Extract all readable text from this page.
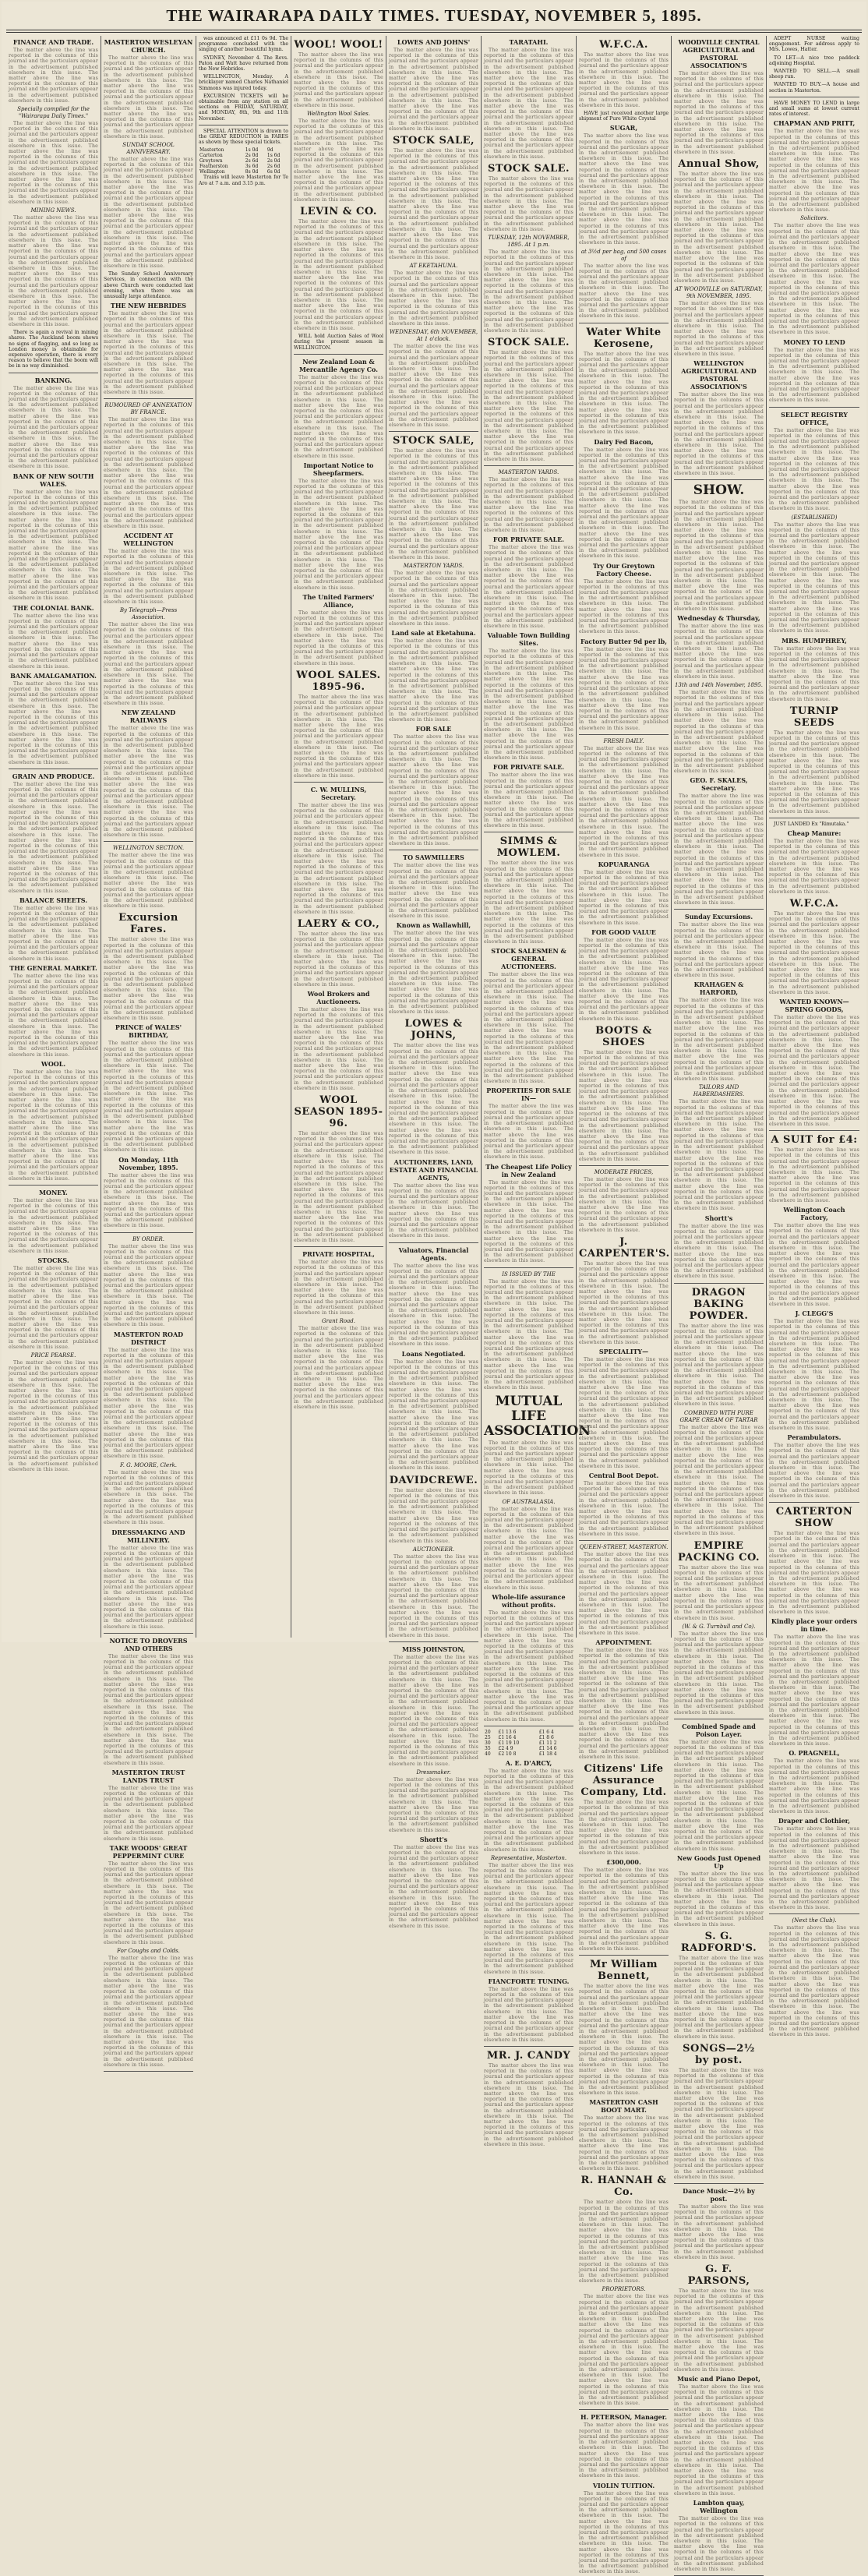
THE WAIRARAPA DAILY TIMES. TUESDAY, NOVEMBER 5, 1895.
FINANCE AND TRADE.
The matter above the line was reported in the columns of this journal and the particulars appear in the advertisement published elsewhere in this issue. The matter above the line was reported in the columns of this journal and the particulars appear in the advertisement published elsewhere in this issue.
Specially compiled for the "Wairarapa Daily Times."
The matter above the line was reported in the columns of this journal and the particulars appear in the advertisement published elsewhere in this issue. The matter above the line was reported in the columns of this journal and the particulars appear in the advertisement published elsewhere in this issue. The matter above the line was reported in the columns of this journal and the particulars appear in the advertisement published elsewhere in this issue.
MINING NEWS.
The matter above the line was reported in the columns of this journal and the particulars appear in the advertisement published elsewhere in this issue. The matter above the line was reported in the columns of this journal and the particulars appear in the advertisement published elsewhere in this issue. The matter above the line was reported in the columns of this journal and the particulars appear in the advertisement published elsewhere in this issue. The matter above the line was reported in the columns of this journal and the particulars appear in the advertisement published elsewhere in this issue.
There is again a revival in mining shares. The Auckland boom shows no signs of flagging, and so long as London money is obtainable for expensive operation, there is every reason to believe that the boom will be in no way diminished.
BANKING.
The matter above the line was reported in the columns of this journal and the particulars appear in the advertisement published elsewhere in this issue. The matter above the line was reported in the columns of this journal and the particulars appear in the advertisement published elsewhere in this issue. The matter above the line was reported in the columns of this journal and the particulars appear in the advertisement published elsewhere in this issue.
BANK OF NEW SOUTH WALES.
The matter above the line was reported in the columns of this journal and the particulars appear in the advertisement published elsewhere in this issue. The matter above the line was reported in the columns of this journal and the particulars appear in the advertisement published elsewhere in this issue. The matter above the line was reported in the columns of this journal and the particulars appear in the advertisement published elsewhere in this issue. The matter above the line was reported in the columns of this journal and the particulars appear in the advertisement published elsewhere in this issue.
THE COLONIAL BANK.
The matter above the line was reported in the columns of this journal and the particulars appear in the advertisement published elsewhere in this issue. The matter above the line was reported in the columns of this journal and the particulars appear in the advertisement published elsewhere in this issue.
BANK AMALGAMATION.
The matter above the line was reported in the columns of this journal and the particulars appear in the advertisement published elsewhere in this issue. The matter above the line was reported in the columns of this journal and the particulars appear in the advertisement published elsewhere in this issue. The matter above the line was reported in the columns of this journal and the particulars appear in the advertisement published elsewhere in this issue.
GRAIN AND PRODUCE.
The matter above the line was reported in the columns of this journal and the particulars appear in the advertisement published elsewhere in this issue. The matter above the line was reported in the columns of this journal and the particulars appear in the advertisement published elsewhere in this issue. The matter above the line was reported in the columns of this journal and the particulars appear in the advertisement published elsewhere in this issue. The matter above the line was reported in the columns of this journal and the particulars appear in the advertisement published elsewhere in this issue.
BALANCE SHEETS.
The matter above the line was reported in the columns of this journal and the particulars appear in the advertisement published elsewhere in this issue. The matter above the line was reported in the columns of this journal and the particulars appear in the advertisement published elsewhere in this issue.
THE GENERAL MARKET.
The matter above the line was reported in the columns of this journal and the particulars appear in the advertisement published elsewhere in this issue. The matter above the line was reported in the columns of this journal and the particulars appear in the advertisement published elsewhere in this issue. The matter above the line was reported in the columns of this journal and the particulars appear in the advertisement published elsewhere in this issue.
WOOL.
The matter above the line was reported in the columns of this journal and the particulars appear in the advertisement published elsewhere in this issue. The matter above the line was reported in the columns of this journal and the particulars appear in the advertisement published elsewhere in this issue. The matter above the line was reported in the columns of this journal and the particulars appear in the advertisement published elsewhere in this issue. The matter above the line was reported in the columns of this journal and the particulars appear in the advertisement published elsewhere in this issue.
MONEY.
The matter above the line was reported in the columns of this journal and the particulars appear in the advertisement published elsewhere in this issue. The matter above the line was reported in the columns of this journal and the particulars appear in the advertisement published elsewhere in this issue.
STOCKS.
The matter above the line was reported in the columns of this journal and the particulars appear in the advertisement published elsewhere in this issue. The matter above the line was reported in the columns of this journal and the particulars appear in the advertisement published elsewhere in this issue. The matter above the line was reported in the columns of this journal and the particulars appear in the advertisement published elsewhere in this issue.
PRICE PEARSE.
The matter above the line was reported in the columns of this journal and the particulars appear in the advertisement published elsewhere in this issue. The matter above the line was reported in the columns of this journal and the particulars appear in the advertisement published elsewhere in this issue. The matter above the line was reported in the columns of this journal and the particulars appear in the advertisement published elsewhere in this issue. The matter above the line was reported in the columns of this journal and the particulars appear in the advertisement published elsewhere in this issue.
MASTERTON WESLEYAN CHURCH.
The matter above the line was reported in the columns of this journal and the particulars appear in the advertisement published elsewhere in this issue. The matter above the line was reported in the columns of this journal and the particulars appear in the advertisement published elsewhere in this issue. The matter above the line was reported in the columns of this journal and the particulars appear in the advertisement published elsewhere in this issue.
SUNDAY SCHOOL ANNIVERSARY.
The matter above the line was reported in the columns of this journal and the particulars appear in the advertisement published elsewhere in this issue. The matter above the line was reported in the columns of this journal and the particulars appear in the advertisement published elsewhere in this issue. The matter above the line was reported in the columns of this journal and the particulars appear in the advertisement published elsewhere in this issue. The matter above the line was reported in the columns of this journal and the particulars appear in the advertisement published elsewhere in this issue.
The Sunday School Anniversary Services, in connection with the above Church were conducted last evening, when there was an unusually large attendance.
THE NEW HEBRIDES
The matter above the line was reported in the columns of this journal and the particulars appear in the advertisement published elsewhere in this issue. The matter above the line was reported in the columns of this journal and the particulars appear in the advertisement published elsewhere in this issue. The matter above the line was reported in the columns of this journal and the particulars appear in the advertisement published elsewhere in this issue.
RUMOURED OF ANNEXATION BY FRANCE.
The matter above the line was reported in the columns of this journal and the particulars appear in the advertisement published elsewhere in this issue. The matter above the line was reported in the columns of this journal and the particulars appear in the advertisement published elsewhere in this issue. The matter above the line was reported in the columns of this journal and the particulars appear in the advertisement published elsewhere in this issue. The matter above the line was reported in the columns of this journal and the particulars appear in the advertisement published elsewhere in this issue.
ACCIDENT AT WELLINGTON
The matter above the line was reported in the columns of this journal and the particulars appear in the advertisement published elsewhere in this issue. The matter above the line was reported in the columns of this journal and the particulars appear in the advertisement published elsewhere in this issue.
By Telegraph—Press Association.
The matter above the line was reported in the columns of this journal and the particulars appear in the advertisement published elsewhere in this issue. The matter above the line was reported in the columns of this journal and the particulars appear in the advertisement published elsewhere in this issue. The matter above the line was reported in the columns of this journal and the particulars appear in the advertisement published elsewhere in this issue.
NEW ZEALAND RAILWAYS
The matter above the line was reported in the columns of this journal and the particulars appear in the advertisement published elsewhere in this issue. The matter above the line was reported in the columns of this journal and the particulars appear in the advertisement published elsewhere in this issue. The matter above the line was reported in the columns of this journal and the particulars appear in the advertisement published elsewhere in this issue. The matter above the line was reported in the columns of this journal and the particulars appear in the advertisement published elsewhere in this issue.
WELLINGTON SECTION.
The matter above the line was reported in the columns of this journal and the particulars appear in the advertisement published elsewhere in this issue. The matter above the line was reported in the columns of this journal and the particulars appear in the advertisement published elsewhere in this issue.
Excursion Fares.
The matter above the line was reported in the columns of this journal and the particulars appear in the advertisement published elsewhere in this issue. The matter above the line was reported in the columns of this journal and the particulars appear in the advertisement published elsewhere in this issue. The matter above the line was reported in the columns of this journal and the particulars appear in the advertisement published elsewhere in this issue.
PRINCE of WALES' BIRTHDAY,
The matter above the line was reported in the columns of this journal and the particulars appear in the advertisement published elsewhere in this issue. The matter above the line was reported in the columns of this journal and the particulars appear in the advertisement published elsewhere in this issue. The matter above the line was reported in the columns of this journal and the particulars appear in the advertisement published elsewhere in this issue. The matter above the line was reported in the columns of this journal and the particulars appear in the advertisement published elsewhere in this issue.
On Monday, 11th November, 1895.
The matter above the line was reported in the columns of this journal and the particulars appear in the advertisement published elsewhere in this issue. The matter above the line was reported in the columns of this journal and the particulars appear in the advertisement published elsewhere in this issue.
BY ORDER.
The matter above the line was reported in the columns of this journal and the particulars appear in the advertisement published elsewhere in this issue. The matter above the line was reported in the columns of this journal and the particulars appear in the advertisement published elsewhere in this issue. The matter above the line was reported in the columns of this journal and the particulars appear in the advertisement published elsewhere in this issue.
MASTERTON ROAD DISTRICT
The matter above the line was reported in the columns of this journal and the particulars appear in the advertisement published elsewhere in this issue. The matter above the line was reported in the columns of this journal and the particulars appear in the advertisement published elsewhere in this issue. The matter above the line was reported in the columns of this journal and the particulars appear in the advertisement published elsewhere in this issue. The matter above the line was reported in the columns of this journal and the particulars appear in the advertisement published elsewhere in this issue.
F. G. MOORE, Clerk.
The matter above the line was reported in the columns of this journal and the particulars appear in the advertisement published elsewhere in this issue. The matter above the line was reported in the columns of this journal and the particulars appear in the advertisement published elsewhere in this issue.
DRESSMAKING AND MILLINERY.
The matter above the line was reported in the columns of this journal and the particulars appear in the advertisement published elsewhere in this issue. The matter above the line was reported in the columns of this journal and the particulars appear in the advertisement published elsewhere in this issue. The matter above the line was reported in the columns of this journal and the particulars appear in the advertisement published elsewhere in this issue.
NOTICE TO DROVERS AND OTHERS
The matter above the line was reported in the columns of this journal and the particulars appear in the advertisement published elsewhere in this issue. The matter above the line was reported in the columns of this journal and the particulars appear in the advertisement published elsewhere in this issue. The matter above the line was reported in the columns of this journal and the particulars appear in the advertisement published elsewhere in this issue. The matter above the line was reported in the columns of this journal and the particulars appear in the advertisement published elsewhere in this issue.
MASTERTON TRUST LANDS TRUST
The matter above the line was reported in the columns of this journal and the particulars appear in the advertisement published elsewhere in this issue. The matter above the line was reported in the columns of this journal and the particulars appear in the advertisement published elsewhere in this issue.
TAKE WOODS' GREAT PEPPERMINT CURE
The matter above the line was reported in the columns of this journal and the particulars appear in the advertisement published elsewhere in this issue. The matter above the line was reported in the columns of this journal and the particulars appear in the advertisement published elsewhere in this issue. The matter above the line was reported in the columns of this journal and the particulars appear in the advertisement published elsewhere in this issue.
For Coughs and Colds.
The matter above the line was reported in the columns of this journal and the particulars appear in the advertisement published elsewhere in this issue. The matter above the line was reported in the columns of this journal and the particulars appear in the advertisement published elsewhere in this issue. The matter above the line was reported in the columns of this journal and the particulars appear in the advertisement published elsewhere in this issue. The matter above the line was reported in the columns of this journal and the particulars appear in the advertisement published elsewhere in this issue.
was announced at £11 0s 9d. The programme concluded with the singing of another beautiful hymn.
SYDNEY, November 4. The Revs. Paton and Watt have returned from the New Hebrides.
WELLINGTON, Monday. A bricklayer named Charles Nathaniel Simmons was injured today.
EXCURSION TICKETS will be obtainable from any station on all sections on FRIDAY, SATURDAY, and MONDAY, 8th, 9th and 11th November.
SPECIAL ATTENTION is drawn to the GREAT REDUCTION in FARES as shown by these special tickets.
Masterton	1s 0d	9d
Carterton	2s 0d	1s 6d
Greytown	2s 6d	2s 0d
Featherston	3s 6d	2s 6d
Wellington	8s 0d	6s 0d
Trains will leave Masterton for Te Aro at 7 a.m. and 3.15 p.m.
WOOL! WOOL!
The matter above the line was reported in the columns of this journal and the particulars appear in the advertisement published elsewhere in this issue. The matter above the line was reported in the columns of this journal and the particulars appear in the advertisement published elsewhere in this issue.
Wellington Wool Sales.
The matter above the line was reported in the columns of this journal and the particulars appear in the advertisement published elsewhere in this issue. The matter above the line was reported in the columns of this journal and the particulars appear in the advertisement published elsewhere in this issue. The matter above the line was reported in the columns of this journal and the particulars appear in the advertisement published elsewhere in this issue.
LEVIN & CO.
The matter above the line was reported in the columns of this journal and the particulars appear in the advertisement published elsewhere in this issue. The matter above the line was reported in the columns of this journal and the particulars appear in the advertisement published elsewhere in this issue. The matter above the line was reported in the columns of this journal and the particulars appear in the advertisement published elsewhere in this issue. The matter above the line was reported in the columns of this journal and the particulars appear in the advertisement published elsewhere in this issue.
WILL hold Auction Sales of Wool during the present season in WELLINGTON.
New Zealand Loan & Mercantile Agency Co.
The matter above the line was reported in the columns of this journal and the particulars appear in the advertisement published elsewhere in this issue. The matter above the line was reported in the columns of this journal and the particulars appear in the advertisement published elsewhere in this issue. The matter above the line was reported in the columns of this journal and the particulars appear in the advertisement published elsewhere in this issue.
Important Notice to Sheepfarmers.
The matter above the line was reported in the columns of this journal and the particulars appear in the advertisement published elsewhere in this issue. The matter above the line was reported in the columns of this journal and the particulars appear in the advertisement published elsewhere in this issue. The matter above the line was reported in the columns of this journal and the particulars appear in the advertisement published elsewhere in this issue. The matter above the line was reported in the columns of this journal and the particulars appear in the advertisement published elsewhere in this issue.
The United Farmers' Alliance,
The matter above the line was reported in the columns of this journal and the particulars appear in the advertisement published elsewhere in this issue. The matter above the line was reported in the columns of this journal and the particulars appear in the advertisement published elsewhere in this issue.
WOOL SALES. 1895-96.
The matter above the line was reported in the columns of this journal and the particulars appear in the advertisement published elsewhere in this issue. The matter above the line was reported in the columns of this journal and the particulars appear in the advertisement published elsewhere in this issue. The matter above the line was reported in the columns of this journal and the particulars appear in the advertisement published elsewhere in this issue.
C. W. MULLINS, Secretary.
The matter above the line was reported in the columns of this journal and the particulars appear in the advertisement published elsewhere in this issue. The matter above the line was reported in the columns of this journal and the particulars appear in the advertisement published elsewhere in this issue. The matter above the line was reported in the columns of this journal and the particulars appear in the advertisement published elsewhere in this issue. The matter above the line was reported in the columns of this journal and the particulars appear in the advertisement published elsewhere in this issue.
LAERY & CO.,
The matter above the line was reported in the columns of this journal and the particulars appear in the advertisement published elsewhere in this issue. The matter above the line was reported in the columns of this journal and the particulars appear in the advertisement published elsewhere in this issue.
Wool Brokers and Auctioneers.
The matter above the line was reported in the columns of this journal and the particulars appear in the advertisement published elsewhere in this issue. The matter above the line was reported in the columns of this journal and the particulars appear in the advertisement published elsewhere in this issue. The matter above the line was reported in the columns of this journal and the particulars appear in the advertisement published elsewhere in this issue.
WOOL SEASON 1895-96.
The matter above the line was reported in the columns of this journal and the particulars appear in the advertisement published elsewhere in this issue. The matter above the line was reported in the columns of this journal and the particulars appear in the advertisement published elsewhere in this issue. The matter above the line was reported in the columns of this journal and the particulars appear in the advertisement published elsewhere in this issue. The matter above the line was reported in the columns of this journal and the particulars appear in the advertisement published elsewhere in this issue.
PRIVATE HOSPITAL,
The matter above the line was reported in the columns of this journal and the particulars appear in the advertisement published elsewhere in this issue. The matter above the line was reported in the columns of this journal and the particulars appear in the advertisement published elsewhere in this issue.
Grant Road.
The matter above the line was reported in the columns of this journal and the particulars appear in the advertisement published elsewhere in this issue. The matter above the line was reported in the columns of this journal and the particulars appear in the advertisement published elsewhere in this issue. The matter above the line was reported in the columns of this journal and the particulars appear in the advertisement published elsewhere in this issue.
LOWES AND JOHNS'
The matter above the line was reported in the columns of this journal and the particulars appear in the advertisement published elsewhere in this issue. The matter above the line was reported in the columns of this journal and the particulars appear in the advertisement published elsewhere in this issue. The matter above the line was reported in the columns of this journal and the particulars appear in the advertisement published elsewhere in this issue.
STOCK SALE,
The matter above the line was reported in the columns of this journal and the particulars appear in the advertisement published elsewhere in this issue. The matter above the line was reported in the columns of this journal and the particulars appear in the advertisement published elsewhere in this issue. The matter above the line was reported in the columns of this journal and the particulars appear in the advertisement published elsewhere in this issue. The matter above the line was reported in the columns of this journal and the particulars appear in the advertisement published elsewhere in this issue.
AT EKETAHUNA.
The matter above the line was reported in the columns of this journal and the particulars appear in the advertisement published elsewhere in this issue. The matter above the line was reported in the columns of this journal and the particulars appear in the advertisement published elsewhere in this issue.
WEDNESDAY, 6th NOVEMBER, At 1 o'clock.
The matter above the line was reported in the columns of this journal and the particulars appear in the advertisement published elsewhere in this issue. The matter above the line was reported in the columns of this journal and the particulars appear in the advertisement published elsewhere in this issue. The matter above the line was reported in the columns of this journal and the particulars appear in the advertisement published elsewhere in this issue.
STOCK SALE,
The matter above the line was reported in the columns of this journal and the particulars appear in the advertisement published elsewhere in this issue. The matter above the line was reported in the columns of this journal and the particulars appear in the advertisement published elsewhere in this issue. The matter above the line was reported in the columns of this journal and the particulars appear in the advertisement published elsewhere in this issue. The matter above the line was reported in the columns of this journal and the particulars appear in the advertisement published elsewhere in this issue.
MASTERTON YARDS.
The matter above the line was reported in the columns of this journal and the particulars appear in the advertisement published elsewhere in this issue. The matter above the line was reported in the columns of this journal and the particulars appear in the advertisement published elsewhere in this issue.
Land sale at Eketahuna.
The matter above the line was reported in the columns of this journal and the particulars appear in the advertisement published elsewhere in this issue. The matter above the line was reported in the columns of this journal and the particulars appear in the advertisement published elsewhere in this issue. The matter above the line was reported in the columns of this journal and the particulars appear in the advertisement published elsewhere in this issue.
FOR SALE
The matter above the line was reported in the columns of this journal and the particulars appear in the advertisement published elsewhere in this issue. The matter above the line was reported in the columns of this journal and the particulars appear in the advertisement published elsewhere in this issue. The matter above the line was reported in the columns of this journal and the particulars appear in the advertisement published elsewhere in this issue. The matter above the line was reported in the columns of this journal and the particulars appear in the advertisement published elsewhere in this issue.
TO SAWMILLERS
The matter above the line was reported in the columns of this journal and the particulars appear in the advertisement published elsewhere in this issue. The matter above the line was reported in the columns of this journal and the particulars appear in the advertisement published elsewhere in this issue.
Known as Wallawhill,
The matter above the line was reported in the columns of this journal and the particulars appear in the advertisement published elsewhere in this issue. The matter above the line was reported in the columns of this journal and the particulars appear in the advertisement published elsewhere in this issue. The matter above the line was reported in the columns of this journal and the particulars appear in the advertisement published elsewhere in this issue.
LOWES & JOHNS,
The matter above the line was reported in the columns of this journal and the particulars appear in the advertisement published elsewhere in this issue. The matter above the line was reported in the columns of this journal and the particulars appear in the advertisement published elsewhere in this issue. The matter above the line was reported in the columns of this journal and the particulars appear in the advertisement published elsewhere in this issue. The matter above the line was reported in the columns of this journal and the particulars appear in the advertisement published elsewhere in this issue.
AUCTIONEERS, LAND, ESTATE AND FINANCIAL AGENTS,
The matter above the line was reported in the columns of this journal and the particulars appear in the advertisement published elsewhere in this issue. The matter above the line was reported in the columns of this journal and the particulars appear in the advertisement published elsewhere in this issue.
Valuators, Financial Agents.
The matter above the line was reported in the columns of this journal and the particulars appear in the advertisement published elsewhere in this issue. The matter above the line was reported in the columns of this journal and the particulars appear in the advertisement published elsewhere in this issue. The matter above the line was reported in the columns of this journal and the particulars appear in the advertisement published elsewhere in this issue.
Loans Negotiated.
The matter above the line was reported in the columns of this journal and the particulars appear in the advertisement published elsewhere in this issue. The matter above the line was reported in the columns of this journal and the particulars appear in the advertisement published elsewhere in this issue. The matter above the line was reported in the columns of this journal and the particulars appear in the advertisement published elsewhere in this issue. The matter above the line was reported in the columns of this journal and the particulars appear in the advertisement published elsewhere in this issue.
DAVIDCREWE.
The matter above the line was reported in the columns of this journal and the particulars appear in the advertisement published elsewhere in this issue. The matter above the line was reported in the columns of this journal and the particulars appear in the advertisement published elsewhere in this issue.
AUCTIONEER.
The matter above the line was reported in the columns of this journal and the particulars appear in the advertisement published elsewhere in this issue. The matter above the line was reported in the columns of this journal and the particulars appear in the advertisement published elsewhere in this issue. The matter above the line was reported in the columns of this journal and the particulars appear in the advertisement published elsewhere in this issue.
MISS JOHNSTON,
The matter above the line was reported in the columns of this journal and the particulars appear in the advertisement published elsewhere in this issue. The matter above the line was reported in the columns of this journal and the particulars appear in the advertisement published elsewhere in this issue. The matter above the line was reported in the columns of this journal and the particulars appear in the advertisement published elsewhere in this issue. The matter above the line was reported in the columns of this journal and the particulars appear in the advertisement published elsewhere in this issue.
Dressmaker.
The matter above the line was reported in the columns of this journal and the particulars appear in the advertisement published elsewhere in this issue. The matter above the line was reported in the columns of this journal and the particulars appear in the advertisement published elsewhere in this issue.
Shortt's
The matter above the line was reported in the columns of this journal and the particulars appear in the advertisement published elsewhere in this issue. The matter above the line was reported in the columns of this journal and the particulars appear in the advertisement published elsewhere in this issue. The matter above the line was reported in the columns of this journal and the particulars appear in the advertisement published elsewhere in this issue.
TARATAHI.
The matter above the line was reported in the columns of this journal and the particulars appear in the advertisement published elsewhere in this issue. The matter above the line was reported in the columns of this journal and the particulars appear in the advertisement published elsewhere in this issue. The matter above the line was reported in the columns of this journal and the particulars appear in the advertisement published elsewhere in this issue. The matter above the line was reported in the columns of this journal and the particulars appear in the advertisement published elsewhere in this issue.
STOCK SALE.
The matter above the line was reported in the columns of this journal and the particulars appear in the advertisement published elsewhere in this issue. The matter above the line was reported in the columns of this journal and the particulars appear in the advertisement published elsewhere in this issue.
TUESDAY, 12th NOVEMBER, 1895. At 1 p.m.
The matter above the line was reported in the columns of this journal and the particulars appear in the advertisement published elsewhere in this issue. The matter above the line was reported in the columns of this journal and the particulars appear in the advertisement published elsewhere in this issue. The matter above the line was reported in the columns of this journal and the particulars appear in the advertisement published elsewhere in this issue.
STOCK SALE.
The matter above the line was reported in the columns of this journal and the particulars appear in the advertisement published elsewhere in this issue. The matter above the line was reported in the columns of this journal and the particulars appear in the advertisement published elsewhere in this issue. The matter above the line was reported in the columns of this journal and the particulars appear in the advertisement published elsewhere in this issue. The matter above the line was reported in the columns of this journal and the particulars appear in the advertisement published elsewhere in this issue.
MASTERTON YARDS.
The matter above the line was reported in the columns of this journal and the particulars appear in the advertisement published elsewhere in this issue. The matter above the line was reported in the columns of this journal and the particulars appear in the advertisement published elsewhere in this issue.
FOR PRIVATE SALE.
The matter above the line was reported in the columns of this journal and the particulars appear in the advertisement published elsewhere in this issue. The matter above the line was reported in the columns of this journal and the particulars appear in the advertisement published elsewhere in this issue. The matter above the line was reported in the columns of this journal and the particulars appear in the advertisement published elsewhere in this issue.
Valuable Town Building Sites.
The matter above the line was reported in the columns of this journal and the particulars appear in the advertisement published elsewhere in this issue. The matter above the line was reported in the columns of this journal and the particulars appear in the advertisement published elsewhere in this issue. The matter above the line was reported in the columns of this journal and the particulars appear in the advertisement published elsewhere in this issue. The matter above the line was reported in the columns of this journal and the particulars appear in the advertisement published elsewhere in this issue.
FOR PRIVATE SALE.
The matter above the line was reported in the columns of this journal and the particulars appear in the advertisement published elsewhere in this issue. The matter above the line was reported in the columns of this journal and the particulars appear in the advertisement published elsewhere in this issue.
SIMMS & MOWLEM.
The matter above the line was reported in the columns of this journal and the particulars appear in the advertisement published elsewhere in this issue. The matter above the line was reported in the columns of this journal and the particulars appear in the advertisement published elsewhere in this issue. The matter above the line was reported in the columns of this journal and the particulars appear in the advertisement published elsewhere in this issue.
STOCK SALESMEN & GENERAL AUCTIONEERS.
The matter above the line was reported in the columns of this journal and the particulars appear in the advertisement published elsewhere in this issue. The matter above the line was reported in the columns of this journal and the particulars appear in the advertisement published elsewhere in this issue. The matter above the line was reported in the columns of this journal and the particulars appear in the advertisement published elsewhere in this issue. The matter above the line was reported in the columns of this journal and the particulars appear in the advertisement published elsewhere in this issue.
PROPERTIES FOR SALE IN—
The matter above the line was reported in the columns of this journal and the particulars appear in the advertisement published elsewhere in this issue. The matter above the line was reported in the columns of this journal and the particulars appear in the advertisement published elsewhere in this issue.
The Cheapest Life Policy in New Zealand
The matter above the line was reported in the columns of this journal and the particulars appear in the advertisement published elsewhere in this issue. The matter above the line was reported in the columns of this journal and the particulars appear in the advertisement published elsewhere in this issue. The matter above the line was reported in the columns of this journal and the particulars appear in the advertisement published elsewhere in this issue.
IS ISSUED BY THE
The matter above the line was reported in the columns of this journal and the particulars appear in the advertisement published elsewhere in this issue. The matter above the line was reported in the columns of this journal and the particulars appear in the advertisement published elsewhere in this issue. The matter above the line was reported in the columns of this journal and the particulars appear in the advertisement published elsewhere in this issue. The matter above the line was reported in the columns of this journal and the particulars appear in the advertisement published elsewhere in this issue.
MUTUAL LIFE ASSOCIATION
The matter above the line was reported in the columns of this journal and the particulars appear in the advertisement published elsewhere in this issue. The matter above the line was reported in the columns of this journal and the particulars appear in the advertisement published elsewhere in this issue.
OF AUSTRALASIA.
The matter above the line was reported in the columns of this journal and the particulars appear in the advertisement published elsewhere in this issue. The matter above the line was reported in the columns of this journal and the particulars appear in the advertisement published elsewhere in this issue. The matter above the line was reported in the columns of this journal and the particulars appear in the advertisement published elsewhere in this issue.
Whole-life assurance without profits.
The matter above the line was reported in the columns of this journal and the particulars appear in the advertisement published elsewhere in this issue. The matter above the line was reported in the columns of this journal and the particulars appear in the advertisement published elsewhere in this issue. The matter above the line was reported in the columns of this journal and the particulars appear in the advertisement published elsewhere in this issue. The matter above the line was reported in the columns of this journal and the particulars appear in the advertisement published elsewhere in this issue.
20	£1 13 6	£1 6 4
25	£1 16 4	£1 8 6
30	£1 19 10	£1 11 2
35	£2 4 9	£1 14 6
40	£2 10 8	£1 18 4
A. E. D'ARCY,
The matter above the line was reported in the columns of this journal and the particulars appear in the advertisement published elsewhere in this issue. The matter above the line was reported in the columns of this journal and the particulars appear in the advertisement published elsewhere in this issue. The matter above the line was reported in the columns of this journal and the particulars appear in the advertisement published elsewhere in this issue.
Representative, Masterton.
The matter above the line was reported in the columns of this journal and the particulars appear in the advertisement published elsewhere in this issue. The matter above the line was reported in the columns of this journal and the particulars appear in the advertisement published elsewhere in this issue. The matter above the line was reported in the columns of this journal and the particulars appear in the advertisement published elsewhere in this issue. The matter above the line was reported in the columns of this journal and the particulars appear in the advertisement published elsewhere in this issue.
FIANCFORTE TUNING.
The matter above the line was reported in the columns of this journal and the particulars appear in the advertisement published elsewhere in this issue. The matter above the line was reported in the columns of this journal and the particulars appear in the advertisement published elsewhere in this issue.
MR. J. CANDY
The matter above the line was reported in the columns of this journal and the particulars appear in the advertisement published elsewhere in this issue. The matter above the line was reported in the columns of this journal and the particulars appear in the advertisement published elsewhere in this issue. The matter above the line was reported in the columns of this journal and the particulars appear in the advertisement published elsewhere in this issue.
W.F.C.A.
The matter above the line was reported in the columns of this journal and the particulars appear in the advertisement published elsewhere in this issue. The matter above the line was reported in the columns of this journal and the particulars appear in the advertisement published elsewhere in this issue.
HAVE just received another large shipment of Pure White Crystal
SUGAR,
The matter above the line was reported in the columns of this journal and the particulars appear in the advertisement published elsewhere in this issue. The matter above the line was reported in the columns of this journal and the particulars appear in the advertisement published elsewhere in this issue. The matter above the line was reported in the columns of this journal and the particulars appear in the advertisement published elsewhere in this issue. The matter above the line was reported in the columns of this journal and the particulars appear in the advertisement published elsewhere in this issue.
at 3½d per bag, and 500 cases of
The matter above the line was reported in the columns of this journal and the particulars appear in the advertisement published elsewhere in this issue. The matter above the line was reported in the columns of this journal and the particulars appear in the advertisement published elsewhere in this issue.
Water White Kerosene,
The matter above the line was reported in the columns of this journal and the particulars appear in the advertisement published elsewhere in this issue. The matter above the line was reported in the columns of this journal and the particulars appear in the advertisement published elsewhere in this issue. The matter above the line was reported in the columns of this journal and the particulars appear in the advertisement published elsewhere in this issue.
Dairy Fed Bacon,
The matter above the line was reported in the columns of this journal and the particulars appear in the advertisement published elsewhere in this issue. The matter above the line was reported in the columns of this journal and the particulars appear in the advertisement published elsewhere in this issue. The matter above the line was reported in the columns of this journal and the particulars appear in the advertisement published elsewhere in this issue. The matter above the line was reported in the columns of this journal and the particulars appear in the advertisement published elsewhere in this issue.
Try Our Greytown Factory Cheese.
The matter above the line was reported in the columns of this journal and the particulars appear in the advertisement published elsewhere in this issue. The matter above the line was reported in the columns of this journal and the particulars appear in the advertisement published elsewhere in this issue.
Factory Butter 9d per lb,
The matter above the line was reported in the columns of this journal and the particulars appear in the advertisement published elsewhere in this issue. The matter above the line was reported in the columns of this journal and the particulars appear in the advertisement published elsewhere in this issue. The matter above the line was reported in the columns of this journal and the particulars appear in the advertisement published elsewhere in this issue.
FRESH DAILY.
The matter above the line was reported in the columns of this journal and the particulars appear in the advertisement published elsewhere in this issue. The matter above the line was reported in the columns of this journal and the particulars appear in the advertisement published elsewhere in this issue. The matter above the line was reported in the columns of this journal and the particulars appear in the advertisement published elsewhere in this issue. The matter above the line was reported in the columns of this journal and the particulars appear in the advertisement published elsewhere in this issue.
KOPUARANGA
The matter above the line was reported in the columns of this journal and the particulars appear in the advertisement published elsewhere in this issue. The matter above the line was reported in the columns of this journal and the particulars appear in the advertisement published elsewhere in this issue.
FOR GOOD VALUE
The matter above the line was reported in the columns of this journal and the particulars appear in the advertisement published elsewhere in this issue. The matter above the line was reported in the columns of this journal and the particulars appear in the advertisement published elsewhere in this issue. The matter above the line was reported in the columns of this journal and the particulars appear in the advertisement published elsewhere in this issue.
BOOTS & SHOES
The matter above the line was reported in the columns of this journal and the particulars appear in the advertisement published elsewhere in this issue. The matter above the line was reported in the columns of this journal and the particulars appear in the advertisement published elsewhere in this issue. The matter above the line was reported in the columns of this journal and the particulars appear in the advertisement published elsewhere in this issue. The matter above the line was reported in the columns of this journal and the particulars appear in the advertisement published elsewhere in this issue.
MODERATE PRICES,
The matter above the line was reported in the columns of this journal and the particulars appear in the advertisement published elsewhere in this issue. The matter above the line was reported in the columns of this journal and the particulars appear in the advertisement published elsewhere in this issue.
J. CARPENTER'S.
The matter above the line was reported in the columns of this journal and the particulars appear in the advertisement published elsewhere in this issue. The matter above the line was reported in the columns of this journal and the particulars appear in the advertisement published elsewhere in this issue. The matter above the line was reported in the columns of this journal and the particulars appear in the advertisement published elsewhere in this issue.
SPECIALITY—
The matter above the line was reported in the columns of this journal and the particulars appear in the advertisement published elsewhere in this issue. The matter above the line was reported in the columns of this journal and the particulars appear in the advertisement published elsewhere in this issue. The matter above the line was reported in the columns of this journal and the particulars appear in the advertisement published elsewhere in this issue. The matter above the line was reported in the columns of this journal and the particulars appear in the advertisement published elsewhere in this issue.
Central Boot Depot.
The matter above the line was reported in the columns of this journal and the particulars appear in the advertisement published elsewhere in this issue. The matter above the line was reported in the columns of this journal and the particulars appear in the advertisement published elsewhere in this issue.
QUEEN-STREET, MASTERTON.
The matter above the line was reported in the columns of this journal and the particulars appear in the advertisement published elsewhere in this issue. The matter above the line was reported in the columns of this journal and the particulars appear in the advertisement published elsewhere in this issue. The matter above the line was reported in the columns of this journal and the particulars appear in the advertisement published elsewhere in this issue.
APPOINTMENT.
The matter above the line was reported in the columns of this journal and the particulars appear in the advertisement published elsewhere in this issue. The matter above the line was reported in the columns of this journal and the particulars appear in the advertisement published elsewhere in this issue. The matter above the line was reported in the columns of this journal and the particulars appear in the advertisement published elsewhere in this issue. The matter above the line was reported in the columns of this journal and the particulars appear in the advertisement published elsewhere in this issue.
Citizens' Life Assurance Company, Ltd.
The matter above the line was reported in the columns of this journal and the particulars appear in the advertisement published elsewhere in this issue. The matter above the line was reported in the columns of this journal and the particulars appear in the advertisement published elsewhere in this issue.
£300,000.
The matter above the line was reported in the columns of this journal and the particulars appear in the advertisement published elsewhere in this issue. The matter above the line was reported in the columns of this journal and the particulars appear in the advertisement published elsewhere in this issue. The matter above the line was reported in the columns of this journal and the particulars appear in the advertisement published elsewhere in this issue.
Mr William Bennett,
The matter above the line was reported in the columns of this journal and the particulars appear in the advertisement published elsewhere in this issue. The matter above the line was reported in the columns of this journal and the particulars appear in the advertisement published elsewhere in this issue. The matter above the line was reported in the columns of this journal and the particulars appear in the advertisement published elsewhere in this issue. The matter above the line was reported in the columns of this journal and the particulars appear in the advertisement published elsewhere in this issue.
MASTERTON CASH BOOT MART.
The matter above the line was reported in the columns of this journal and the particulars appear in the advertisement published elsewhere in this issue. The matter above the line was reported in the columns of this journal and the particulars appear in the advertisement published elsewhere in this issue.
R. HANNAH & Co.
The matter above the line was reported in the columns of this journal and the particulars appear in the advertisement published elsewhere in this issue. The matter above the line was reported in the columns of this journal and the particulars appear in the advertisement published elsewhere in this issue. The matter above the line was reported in the columns of this journal and the particulars appear in the advertisement published elsewhere in this issue.
PROPRIETORS.
The matter above the line was reported in the columns of this journal and the particulars appear in the advertisement published elsewhere in this issue. The matter above the line was reported in the columns of this journal and the particulars appear in the advertisement published elsewhere in this issue. The matter above the line was reported in the columns of this journal and the particulars appear in the advertisement published elsewhere in this issue. The matter above the line was reported in the columns of this journal and the particulars appear in the advertisement published elsewhere in this issue.
H. PETERSON, Manager.
The matter above the line was reported in the columns of this journal and the particulars appear in the advertisement published elsewhere in this issue. The matter above the line was reported in the columns of this journal and the particulars appear in the advertisement published elsewhere in this issue.
VIOLIN TUITION.
The matter above the line was reported in the columns of this journal and the particulars appear in the advertisement published elsewhere in this issue. The matter above the line was reported in the columns of this journal and the particulars appear in the advertisement published elsewhere in this issue. The matter above the line was reported in the columns of this journal and the particulars appear in the advertisement published elsewhere in this issue.
WOODVILLE CENTRAL AGRICULTURAL and PASTORAL ASSOCIATION'S
The matter above the line was reported in the columns of this journal and the particulars appear in the advertisement published elsewhere in this issue. The matter above the line was reported in the columns of this journal and the particulars appear in the advertisement published elsewhere in this issue. The matter above the line was reported in the columns of this journal and the particulars appear in the advertisement published elsewhere in this issue.
Annual Show,
The matter above the line was reported in the columns of this journal and the particulars appear in the advertisement published elsewhere in this issue. The matter above the line was reported in the columns of this journal and the particulars appear in the advertisement published elsewhere in this issue. The matter above the line was reported in the columns of this journal and the particulars appear in the advertisement published elsewhere in this issue. The matter above the line was reported in the columns of this journal and the particulars appear in the advertisement published elsewhere in this issue.
AT WOODVILLE on SATURDAY, 9th NOVEMBER, 1895.
The matter above the line was reported in the columns of this journal and the particulars appear in the advertisement published elsewhere in this issue. The matter above the line was reported in the columns of this journal and the particulars appear in the advertisement published elsewhere in this issue.
WELLINGTON AGRICULTURAL AND PASTORAL ASSOCIATION'S
The matter above the line was reported in the columns of this journal and the particulars appear in the advertisement published elsewhere in this issue. The matter above the line was reported in the columns of this journal and the particulars appear in the advertisement published elsewhere in this issue. The matter above the line was reported in the columns of this journal and the particulars appear in the advertisement published elsewhere in this issue.
SHOW.
The matter above the line was reported in the columns of this journal and the particulars appear in the advertisement published elsewhere in this issue. The matter above the line was reported in the columns of this journal and the particulars appear in the advertisement published elsewhere in this issue. The matter above the line was reported in the columns of this journal and the particulars appear in the advertisement published elsewhere in this issue. The matter above the line was reported in the columns of this journal and the particulars appear in the advertisement published elsewhere in this issue.
Wednesday & Thursday,
The matter above the line was reported in the columns of this journal and the particulars appear in the advertisement published elsewhere in this issue. The matter above the line was reported in the columns of this journal and the particulars appear in the advertisement published elsewhere in this issue.
13th and 14th November, 1895.
The matter above the line was reported in the columns of this journal and the particulars appear in the advertisement published elsewhere in this issue. The matter above the line was reported in the columns of this journal and the particulars appear in the advertisement published elsewhere in this issue. The matter above the line was reported in the columns of this journal and the particulars appear in the advertisement published elsewhere in this issue.
GEO. F. SKALES, Secretary.
The matter above the line was reported in the columns of this journal and the particulars appear in the advertisement published elsewhere in this issue. The matter above the line was reported in the columns of this journal and the particulars appear in the advertisement published elsewhere in this issue. The matter above the line was reported in the columns of this journal and the particulars appear in the advertisement published elsewhere in this issue. The matter above the line was reported in the columns of this journal and the particulars appear in the advertisement published elsewhere in this issue.
Sunday Excursions.
The matter above the line was reported in the columns of this journal and the particulars appear in the advertisement published elsewhere in this issue. The matter above the line was reported in the columns of this journal and the particulars appear in the advertisement published elsewhere in this issue.
KRAHAGEN & HARFORD,
The matter above the line was reported in the columns of this journal and the particulars appear in the advertisement published elsewhere in this issue. The matter above the line was reported in the columns of this journal and the particulars appear in the advertisement published elsewhere in this issue. The matter above the line was reported in the columns of this journal and the particulars appear in the advertisement published elsewhere in this issue.
TAILORS AND HABERDASHERS.
The matter above the line was reported in the columns of this journal and the particulars appear in the advertisement published elsewhere in this issue. The matter above the line was reported in the columns of this journal and the particulars appear in the advertisement published elsewhere in this issue. The matter above the line was reported in the columns of this journal and the particulars appear in the advertisement published elsewhere in this issue. The matter above the line was reported in the columns of this journal and the particulars appear in the advertisement published elsewhere in this issue.
Shortt's
The matter above the line was reported in the columns of this journal and the particulars appear in the advertisement published elsewhere in this issue. The matter above the line was reported in the columns of this journal and the particulars appear in the advertisement published elsewhere in this issue.
DRAGON BAKING POWDER.
The matter above the line was reported in the columns of this journal and the particulars appear in the advertisement published elsewhere in this issue. The matter above the line was reported in the columns of this journal and the particulars appear in the advertisement published elsewhere in this issue. The matter above the line was reported in the columns of this journal and the particulars appear in the advertisement published elsewhere in this issue.
COMBINED WITH PURE GRAPE CREAM OF TARTAR
The matter above the line was reported in the columns of this journal and the particulars appear in the advertisement published elsewhere in this issue. The matter above the line was reported in the columns of this journal and the particulars appear in the advertisement published elsewhere in this issue. The matter above the line was reported in the columns of this journal and the particulars appear in the advertisement published elsewhere in this issue. The matter above the line was reported in the columns of this journal and the particulars appear in the advertisement published elsewhere in this issue.
EMPIRE PACKING CO.
The matter above the line was reported in the columns of this journal and the particulars appear in the advertisement published elsewhere in this issue. The matter above the line was reported in the columns of this journal and the particulars appear in the advertisement published elsewhere in this issue.
(W. & G. Turnbull and Co).
The matter above the line was reported in the columns of this journal and the particulars appear in the advertisement published elsewhere in this issue. The matter above the line was reported in the columns of this journal and the particulars appear in the advertisement published elsewhere in this issue. The matter above the line was reported in the columns of this journal and the particulars appear in the advertisement published elsewhere in this issue.
Combined Spade and Poison Layer.
The matter above the line was reported in the columns of this journal and the particulars appear in the advertisement published elsewhere in this issue. The matter above the line was reported in the columns of this journal and the particulars appear in the advertisement published elsewhere in this issue. The matter above the line was reported in the columns of this journal and the particulars appear in the advertisement published elsewhere in this issue. The matter above the line was reported in the columns of this journal and the particulars appear in the advertisement published elsewhere in this issue.
New Goods Just Opened Up
The matter above the line was reported in the columns of this journal and the particulars appear in the advertisement published elsewhere in this issue. The matter above the line was reported in the columns of this journal and the particulars appear in the advertisement published elsewhere in this issue.
S. G. RADFORD'S.
The matter above the line was reported in the columns of this journal and the particulars appear in the advertisement published elsewhere in this issue. The matter above the line was reported in the columns of this journal and the particulars appear in the advertisement published elsewhere in this issue. The matter above the line was reported in the columns of this journal and the particulars appear in the advertisement published elsewhere in this issue.
SONGS—2½ by post.
The matter above the line was reported in the columns of this journal and the particulars appear in the advertisement published elsewhere in this issue. The matter above the line was reported in the columns of this journal and the particulars appear in the advertisement published elsewhere in this issue. The matter above the line was reported in the columns of this journal and the particulars appear in the advertisement published elsewhere in this issue. The matter above the line was reported in the columns of this journal and the particulars appear in the advertisement published elsewhere in this issue.
Dance Music—2½ by post.
The matter above the line was reported in the columns of this journal and the particulars appear in the advertisement published elsewhere in this issue. The matter above the line was reported in the columns of this journal and the particulars appear in the advertisement published elsewhere in this issue.
G. F. PARSONS,
The matter above the line was reported in the columns of this journal and the particulars appear in the advertisement published elsewhere in this issue. The matter above the line was reported in the columns of this journal and the particulars appear in the advertisement published elsewhere in this issue. The matter above the line was reported in the columns of this journal and the particulars appear in the advertisement published elsewhere in this issue.
Music and Piano Depot,
The matter above the line was reported in the columns of this journal and the particulars appear in the advertisement published elsewhere in this issue. The matter above the line was reported in the columns of this journal and the particulars appear in the advertisement published elsewhere in this issue. The matter above the line was reported in the columns of this journal and the particulars appear in the advertisement published elsewhere in this issue. The matter above the line was reported in the columns of this journal and the particulars appear in the advertisement published elsewhere in this issue.
Lambton quay, Wellington
The matter above the line was reported in the columns of this journal and the particulars appear in the advertisement published elsewhere in this issue. The matter above the line was reported in the columns of this journal and the particulars appear in the advertisement published elsewhere in this issue.
ADEPT NURSE waiting engagement. For address apply to Mrs. Lowes, Hatter.
TO LET—A nice tree paddock adjoining Hospital.
WANTED TO SELL.—A small sheep run.
WANTED TO BUY.—A house and section in Masterton.
HAVE MONEY TO LEND in large and small sums at lowest current rates of interest.
CHAPMAN AND PRITT,
The matter above the line was reported in the columns of this journal and the particulars appear in the advertisement published elsewhere in this issue. The matter above the line was reported in the columns of this journal and the particulars appear in the advertisement published elsewhere in this issue. The matter above the line was reported in the columns of this journal and the particulars appear in the advertisement published elsewhere in this issue.
Solicitors.
The matter above the line was reported in the columns of this journal and the particulars appear in the advertisement published elsewhere in this issue. The matter above the line was reported in the columns of this journal and the particulars appear in the advertisement published elsewhere in this issue. The matter above the line was reported in the columns of this journal and the particulars appear in the advertisement published elsewhere in this issue. The matter above the line was reported in the columns of this journal and the particulars appear in the advertisement published elsewhere in this issue.
MONEY TO LEND
The matter above the line was reported in the columns of this journal and the particulars appear in the advertisement published elsewhere in this issue. The matter above the line was reported in the columns of this journal and the particulars appear in the advertisement published elsewhere in this issue.
SELECT REGISTRY OFFICE,
The matter above the line was reported in the columns of this journal and the particulars appear in the advertisement published elsewhere in this issue. The matter above the line was reported in the columns of this journal and the particulars appear in the advertisement published elsewhere in this issue. The matter above the line was reported in the columns of this journal and the particulars appear in the advertisement published elsewhere in this issue.
(ESTABLISHED)
The matter above the line was reported in the columns of this journal and the particulars appear in the advertisement published elsewhere in this issue. The matter above the line was reported in the columns of this journal and the particulars appear in the advertisement published elsewhere in this issue. The matter above the line was reported in the columns of this journal and the particulars appear in the advertisement published elsewhere in this issue. The matter above the line was reported in the columns of this journal and the particulars appear in the advertisement published elsewhere in this issue.
MRS. HUMPHREY,
The matter above the line was reported in the columns of this journal and the particulars appear in the advertisement published elsewhere in this issue. The matter above the line was reported in the columns of this journal and the particulars appear in the advertisement published elsewhere in this issue.
TURNIP SEEDS
The matter above the line was reported in the columns of this journal and the particulars appear in the advertisement published elsewhere in this issue. The matter above the line was reported in the columns of this journal and the particulars appear in the advertisement published elsewhere in this issue. The matter above the line was reported in the columns of this journal and the particulars appear in the advertisement published elsewhere in this issue.
JUST LANDED Ex "Rimutaka."
Cheap Manure:
The matter above the line was reported in the columns of this journal and the particulars appear in the advertisement published elsewhere in this issue. The matter above the line was reported in the columns of this journal and the particulars appear in the advertisement published elsewhere in this issue.
W.F.C.A.
The matter above the line was reported in the columns of this journal and the particulars appear in the advertisement published elsewhere in this issue. The matter above the line was reported in the columns of this journal and the particulars appear in the advertisement published elsewhere in this issue. The matter above the line was reported in the columns of this journal and the particulars appear in the advertisement published elsewhere in this issue.
WANTED KNOWN—SPRING GOODS,
The matter above the line was reported in the columns of this journal and the particulars appear in the advertisement published elsewhere in this issue. The matter above the line was reported in the columns of this journal and the particulars appear in the advertisement published elsewhere in this issue. The matter above the line was reported in the columns of this journal and the particulars appear in the advertisement published elsewhere in this issue. The matter above the line was reported in the columns of this journal and the particulars appear in the advertisement published elsewhere in this issue.
A SUIT for £4:
The matter above the line was reported in the columns of this journal and the particulars appear in the advertisement published elsewhere in this issue. The matter above the line was reported in the columns of this journal and the particulars appear in the advertisement published elsewhere in this issue.
Wellington Coach Factory,
The matter above the line was reported in the columns of this journal and the particulars appear in the advertisement published elsewhere in this issue. The matter above the line was reported in the columns of this journal and the particulars appear in the advertisement published elsewhere in this issue. The matter above the line was reported in the columns of this journal and the particulars appear in the advertisement published elsewhere in this issue.
J. CLEGG'S
The matter above the line was reported in the columns of this journal and the particulars appear in the advertisement published elsewhere in this issue. The matter above the line was reported in the columns of this journal and the particulars appear in the advertisement published elsewhere in this issue. The matter above the line was reported in the columns of this journal and the particulars appear in the advertisement published elsewhere in this issue. The matter above the line was reported in the columns of this journal and the particulars appear in the advertisement published elsewhere in this issue.
Perambulators.
The matter above the line was reported in the columns of this journal and the particulars appear in the advertisement published elsewhere in this issue. The matter above the line was reported in the columns of this journal and the particulars appear in the advertisement published elsewhere in this issue.
CARTERTON SHOW
The matter above the line was reported in the columns of this journal and the particulars appear in the advertisement published elsewhere in this issue. The matter above the line was reported in the columns of this journal and the particulars appear in the advertisement published elsewhere in this issue. The matter above the line was reported in the columns of this journal and the particulars appear in the advertisement published elsewhere in this issue.
Kindly place your orders in time.
The matter above the line was reported in the columns of this journal and the particulars appear in the advertisement published elsewhere in this issue. The matter above the line was reported in the columns of this journal and the particulars appear in the advertisement published elsewhere in this issue. The matter above the line was reported in the columns of this journal and the particulars appear in the advertisement published elsewhere in this issue. The matter above the line was reported in the columns of this journal and the particulars appear in the advertisement published elsewhere in this issue.
O. PRAGNELL,
The matter above the line was reported in the columns of this journal and the particulars appear in the advertisement published elsewhere in this issue. The matter above the line was reported in the columns of this journal and the particulars appear in the advertisement published elsewhere in this issue.
Draper and Clothier,
The matter above the line was reported in the columns of this journal and the particulars appear in the advertisement published elsewhere in this issue. The matter above the line was reported in the columns of this journal and the particulars appear in the advertisement published elsewhere in this issue. The matter above the line was reported in the columns of this journal and the particulars appear in the advertisement published elsewhere in this issue.
(Next the Club).
The matter above the line was reported in the columns of this journal and the particulars appear in the advertisement published elsewhere in this issue. The matter above the line was reported in the columns of this journal and the particulars appear in the advertisement published elsewhere in this issue. The matter above the line was reported in the columns of this journal and the particulars appear in the advertisement published elsewhere in this issue. The matter above the line was reported in the columns of this journal and the particulars appear in the advertisement published elsewhere in this issue.
